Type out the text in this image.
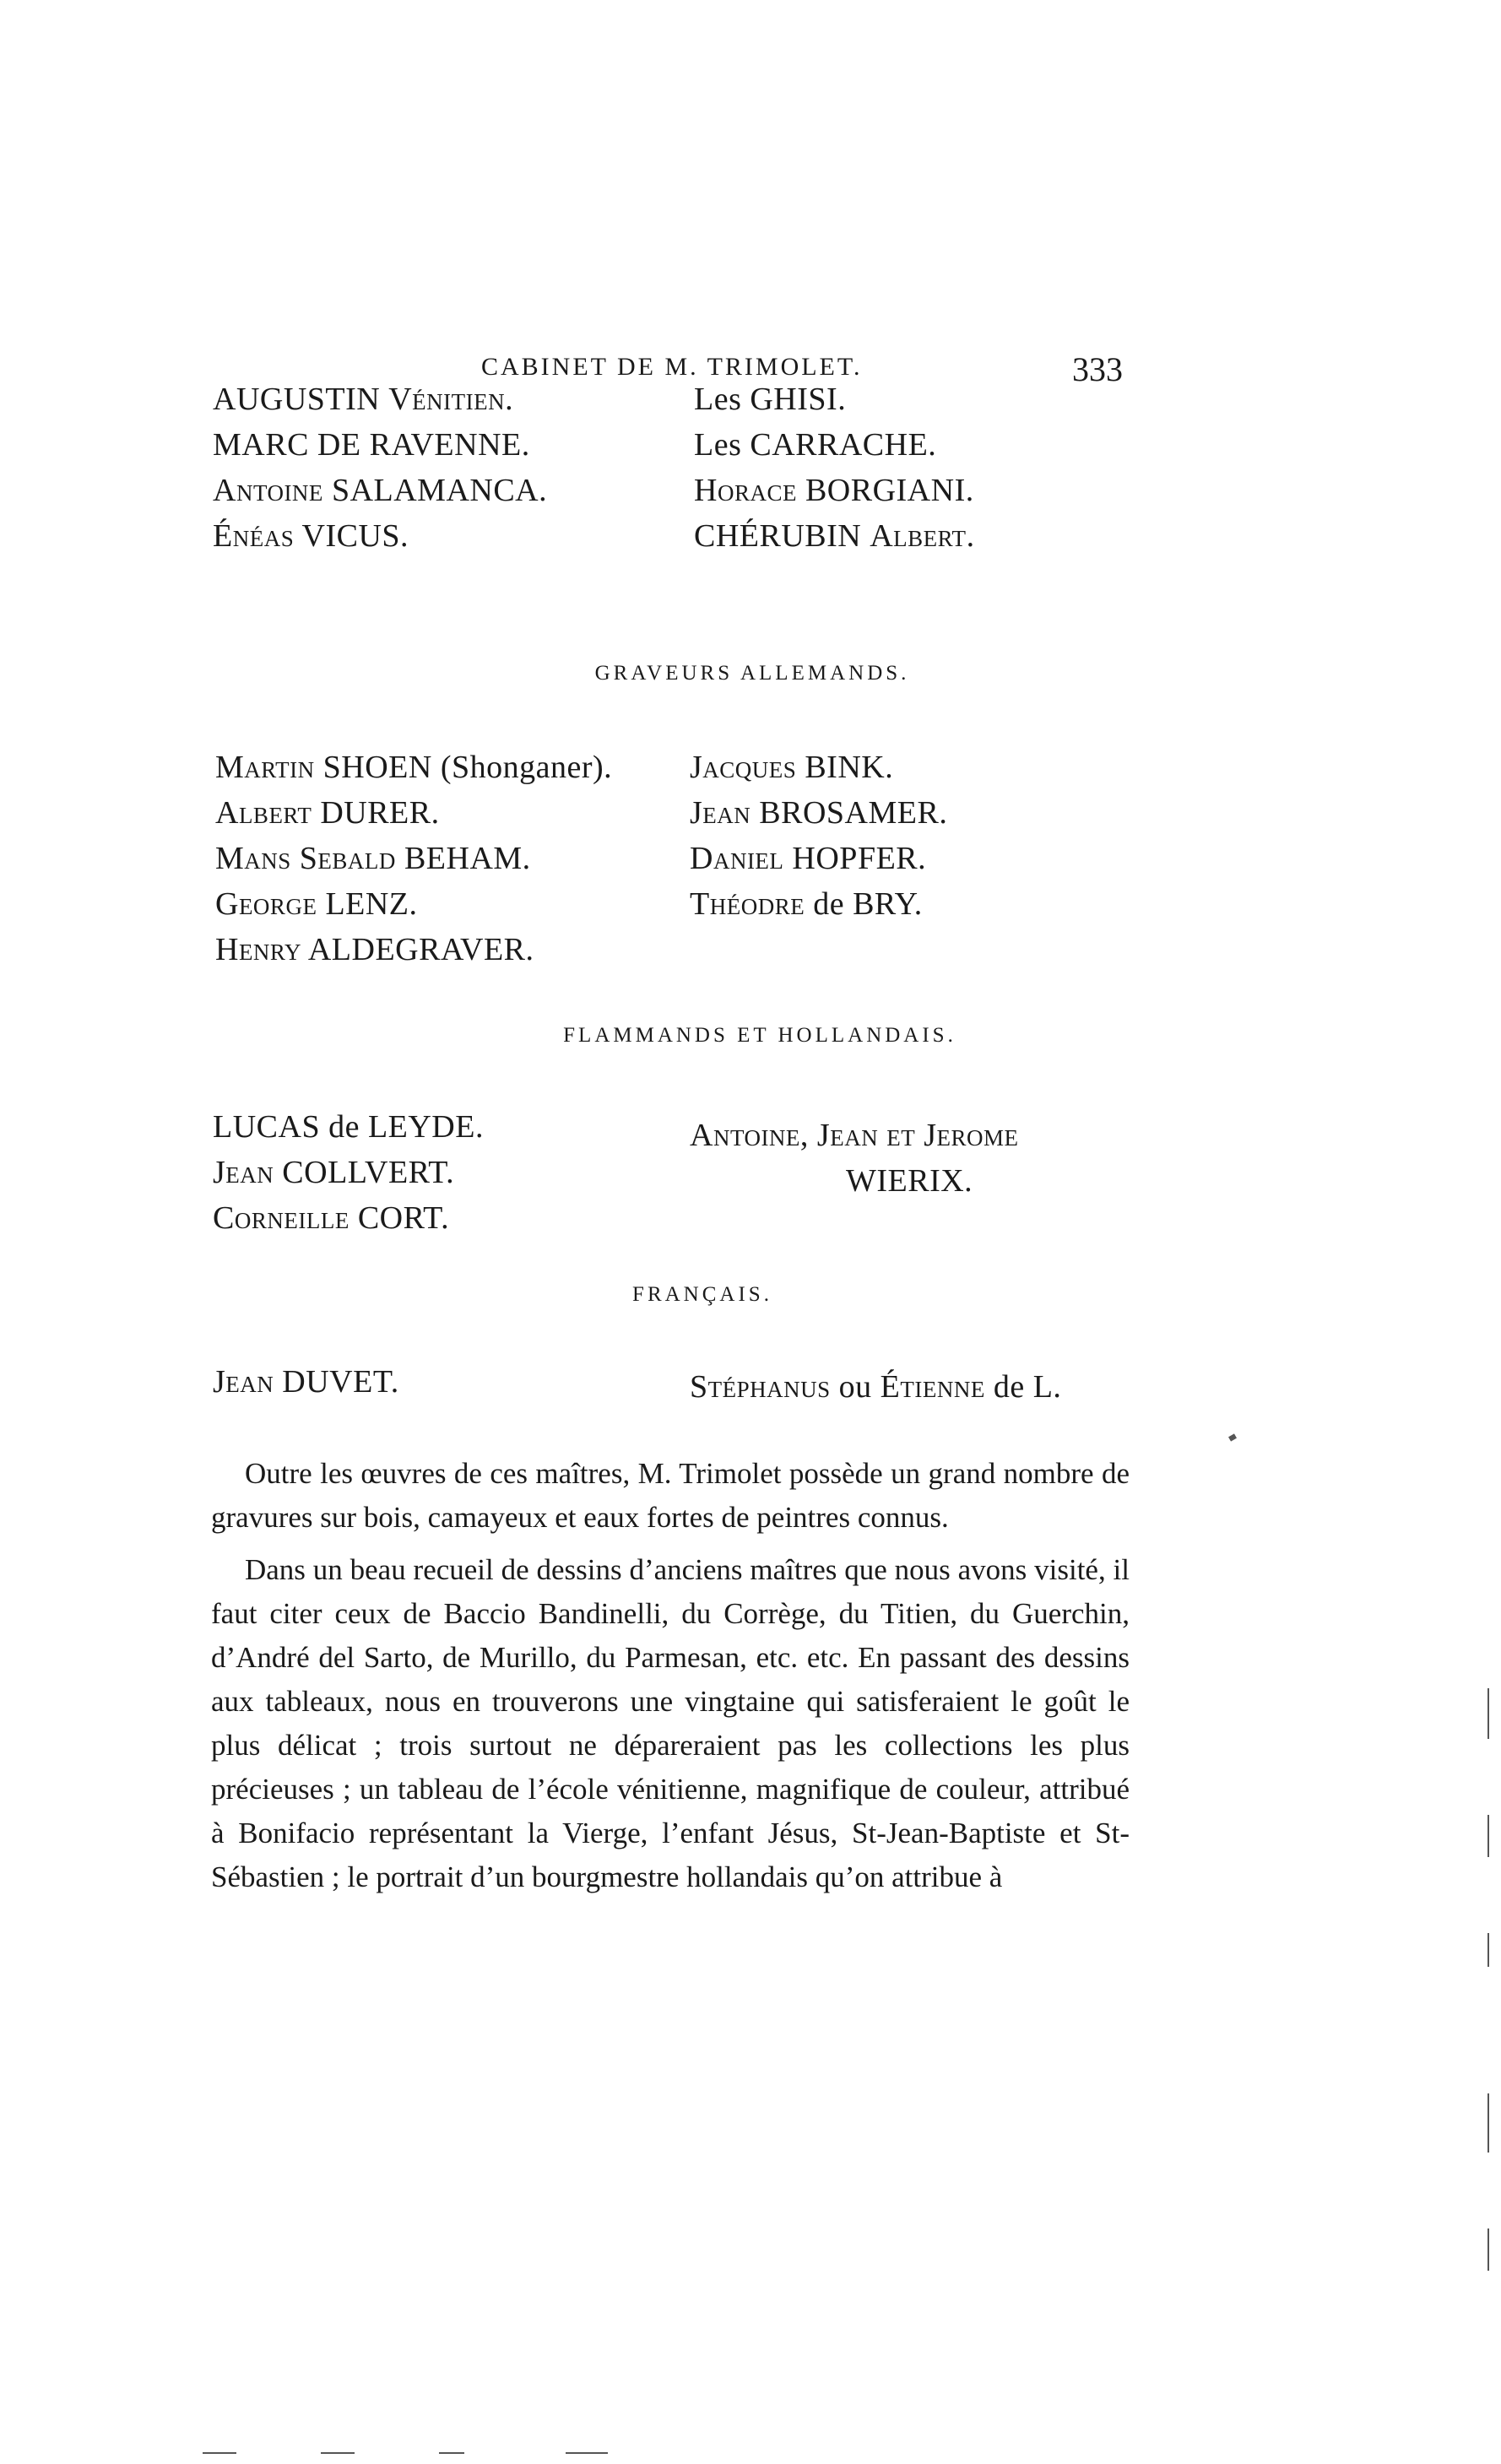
CABINET DE M. TRIMOLET.	333
AUGUSTIN Vénitien.
MARC DE RAVENNE.
Antoine SALAMANCA.
Énéas VICUS.
Les GHISI.
Les CARRACHE.
Horace BORGIANI.
CHÉRUBIN Albert.
GRAVEURS ALLEMANDS.
Martin SHOEN (Shonganer).
Albert DURER.
Mans Sebald BEHAM.
George LENZ.
Henry ALDEGRAVER.
Jacques BINK.
Jean BROSAMER.
Daniel HOPFER.
Théodre de BRY.
FLAMMANDS ET HOLLANDAIS.
LUCAS de LEYDE.
Jean COLLVERT.
Corneille CORT.
Antoine, Jean et Jerome
WIERIX.
FRANÇAIS.
Jean DUVET.	Stéphanus ou Étienne de L.

Outre les œuvres de ces maîtres, M. Trimolet possède un grand nombre de gravures sur bois, camayeux et eaux fortes de peintres connus.

Dans un beau recueil de dessins d’anciens maîtres que nous avons visité, il faut citer ceux de Baccio Bandinelli, du Corrège, du Titien, du Guerchin, d’André del Sarto, de Murillo, du Parmesan, etc. etc. En passant des dessins aux tableaux, nous en trouverons une vingtaine qui satisferaient le goût le plus délicat ; trois surtout ne dépareraient pas les collections les plus précieuses ; un tableau de l’école vénitienne, magnifique de couleur, attribué à Bonifacio représentant la Vierge, l’enfant Jésus, St-Jean-Baptiste et St-Sébastien ; le portrait d’un bourgmestre hollandais qu’on attribue à
